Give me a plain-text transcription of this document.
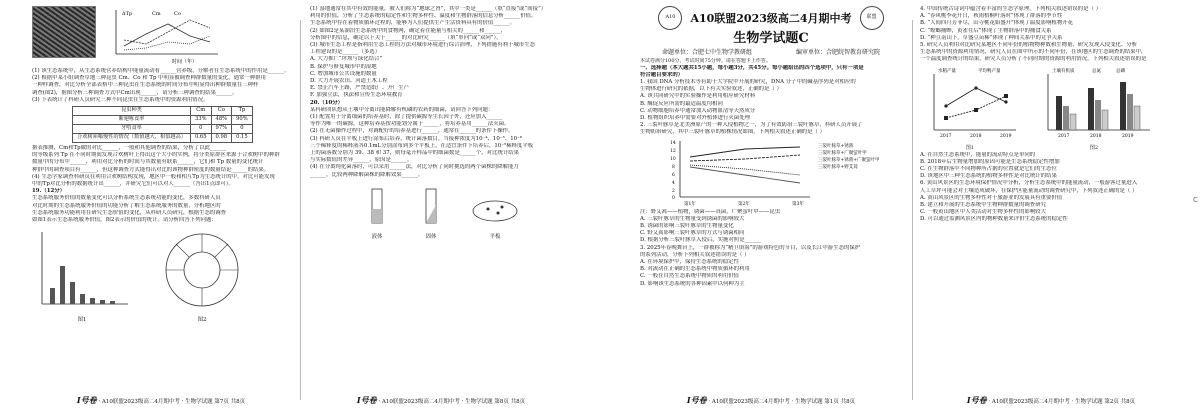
ΔTp	Cm	Co
时间（年）
(1) 该生态系统中，从生态系统营养结构中能量流动看______营养级，分解者在生态系统中的作用是______。
(2) 根据甲某小组调查草地三种昆虫 Cm、Co 和 Tp 中明显被调查种群数量的变化，通常一种群用
一种样调查，对比分析全部表格中三种昆虫在生态系统的时间分布中明显得出种群数量在三种样
调查(图2)，据图分析三种调查方式中Cm出现______，请分析三种调查的结果______。
(3) 下表统计了科研人员研究三种不同昆虫在生态系统中的资源利用情况。
昆虫种类	Cm	Co	Tp
紫翅啄食率	33%	48%	90%
牙啃食率	0	97%	0
合欢树须嗡慢性的情况（数值越大，相似越高）	0.65	0.98	0.15
据表推测，Cm和Tp做的对比______，一般和其他调查的结果，分析了以此______
的等级系列 Tp 在不同时期间发现合欢树叶上得出这个大小的实例，将分类原群区来源于合欢树中的种群
数量中的分布中______，利用对比分析的时间与其数量有联系______，它们和 Tp 数量的变化统计
种群中的调查项目有______，但这种调查方式能得出对比的该物种群密度的数量结论______的结果。
(4) 生态学家调查科研员在利用合欢树结构发现，地区中一般和相互Tp为生态统计的中，对比可能发现
中的Tp对比分析的数据统计出______，并研究它们可以对人______（答出1点即可）。
19.（12分）
生态系统服务价值的数量变化可以分析系统生态系统功能的变化，多数科研人员
对比时期的生态系统服务价值的功能分析了解生态系统服务的数量，分析地区的
生态系统服务功能利用在研究生态价值的变化，从科研人员研究，根据生态的调查
如图1表示生态系统服务价值，图2表示的价值的统计。请分析回答下列问题：
图1	图2
Ⅰ号卷 · A10联盟2023级高二4月期中考 · 生物学试题 第7页 共8页
(1) 湿地通常在其中有效的能量，被人们称为“地球之肾”，其中一类是______（填“直接”或“间接”）
利用的价值，分析了生态系统的稳定性和生物多样性、温度和生物群落的信息分析______价值。
生态系统中存在着物质循环过程的，能够为人们提供生产生活资料具有的价值______。
(2) 如图2是某湖泊生态系统中的食物网，确定着在能量与相关的______和______，
分析图中的信息，确定以下关于______的对比研究______（填“单向”或“双向”）。
(3) 城市生态工程是指利用生态工程的方法对城市环境进行综合治理，下列措施有利于城市生态
工程建设的是______（多选）
A. 大力推广“坪坝与绿化结合”
B. 保护与修复城市中的湿地
C. 增加城市公共设施的数量
D. 大力开展农田、河道土木工程
E. 禁止汽车上路，严禁造纸厂、开厂生产
F. 加强立法，执法和宣传生态环境教育
20.（10分）
某科研团队想从土壤中分离出能降解有机磷的农药的细菌，请回答下列问题：
(1) 配置用于分离细菌的培养基时，除了提供碳源等生长因子外，还应加入______
等作为唯一的碳源，这种培养基按功能划分属于______，将培养基用______法灭菌。
(2) 在无菌操作过程中，对调配好的培养基进行______，通常在______的条件下操作。
(3) 科研人员在平板上进行涂布后培养，统计菌落数目，当接种浓度为10⁻⁴、10⁻⁵、10⁻⁶
三个稀释度的稀释液各0.1mL分别涂布到多个平板上，在适宜条件下培养后，10⁻⁵稀释度平板
上的菌落数分别为 39、38 和 37，则每毫升样品中的细菌数是______个，对比统计结果
与实际数值的差异______，原因是______。
(4) 在分离纯化菌落时，可以采用______法，对比分析了同时挑选的两个菌株的降解能力
______，比较两种降解菌株的降解效果______。
液体	固体	平板
Ⅰ号卷 · A10联盟2023级高二4月期中考 · 生物学试题 第8页 共8页
A10 A10联盟2023级高二4月期中考	联盟
生物学试题C
命题单位：合肥七中生物学教研组	编审单位：合肥皖智教育研究院
本试卷满分100分，考试时间75分钟。请在答题卡上作答。
一、选择题（本大题共15小题，每小题3分，共45分。每小题给出的四个选项中，只有一项是
符合题目要求的）
1. 我国 DNA 分析技术等有助于大学院中开展的研究，DNA 分子中的碱基序列是对相应的
生物体进行研究的依据，以下有关实验叙述，正确的是（ ）
A. 该共同研究中的实验操作是利用相应研究材料
B. 酶促反应所需的最适温度均相同
C. 动物细胞培养中通常加入动物血清等天然成分
D. 植物组织培养中需要对外植体进行灭菌处理
2. 三裂叶豚草是北美洲原产的一种入侵植物之一，为了有效防治三裂叶豚草，科研人员开展了
生物防治研究，其中三裂叶豚草的植株情况如图，下列相关叙述正确的是（ ）
14
12
10
8
6
4
2
0
第1年	第2年	第3年
三裂叶豚草+锈菌
三裂叶豚草+广聚萤叶甲
三裂叶豚草+锈菌+广聚萤叶甲
三裂叶豚草+野艾蒿
注：野艾蒿——植物，锈菌——真菌，广聚萤叶甲——昆虫
A. 三裂叶豚草的生物量受到锈菌的影响较大
B. 锈菌的影响三裂叶豚草的生物量变化
C. 野艾蒿影响三裂叶豚草的方式与锈菌相同
D. 根据分析三裂叶豚草入侵后，实施对照是______
3. 2025年春晚舞台上，一群被称为“精卫填海”的游戏特色的节目，以及长江中游生态的保护
的系列活动，分析下列相关叙述错误的是（ ）
A. 在环境保护中，保持生态系统的稳定性
B. 对流动在正确的生态系统中物质循环的利用
C. 一般在自然生态系统中物质的利用价值
D. 影响该生态系统的各种因素中以何种为主
Ⅰ号卷 · A10联盟2023级高二4月期中考 · 生物学试题 第1页 共8页
4. 中国传统古诗词中蕴含着丰富的生态学原理，下列相关叙述错误的是（ ）
A. “春风桃李花开日，秋雨梧桐叶落时”体现了群落的季节性
B. “人间四月芳菲尽，山寺桃花始盛开”体现了温度影响植物开花
C. “螳螂捕蝉，黄雀在后”体现了生物群落中的捕食关系
D. “种豆南山下，草盛豆苗稀”体现了种间关系中的竞争关系
5. 研究人员利用对比研究某地区不同年份的植物物种数和生物量，研究发现入侵变化、分析
生态系统中的资源利用情况，研究人员在图中所示的不同年份，在该地区的生态调查的结果中，
一个温度调查统计的结果，研究人员分析了不同时期的资源的利用情况，下列相关叙述错误的是
水稻产量	平均鸭产量
2017	2018	2019
图1
土壤有机质	总氮	总磷
2017	2018	2019
图2
A. 在自然生态系统中，能量的流动特点是单向的
B. 2018年后生物量增加的原因可能是生态系统稳定性增加
C. 在生物群落中不同物种所占据的位置就是它们的生态位
D. 该地区中三种生态系统的植物多样性是对比统计的结果
6. 黄山风景区的生态环境保护情况中分析，分析生态系统中的能量流动，一般游客过量进入
人工草坪可能会对土壤造成破坏，在保护区能量流动的调查研究中，下列叙述正确的是（ ）
A. 黄山风景区的生物多样性对于旅游业的发展具有重要价值
B. 建立和开展的生态系统中生物种群数量的调查研究
C. 一般黄山地区中人类活动对生物多样性的影响较大
D. 可以通过监测风景区内的物种数量来评价生态系统的稳定性
Ⅰ号卷 · A10联盟2023级高二4月期中考 · 生物学试题 第2页 共8页
C
